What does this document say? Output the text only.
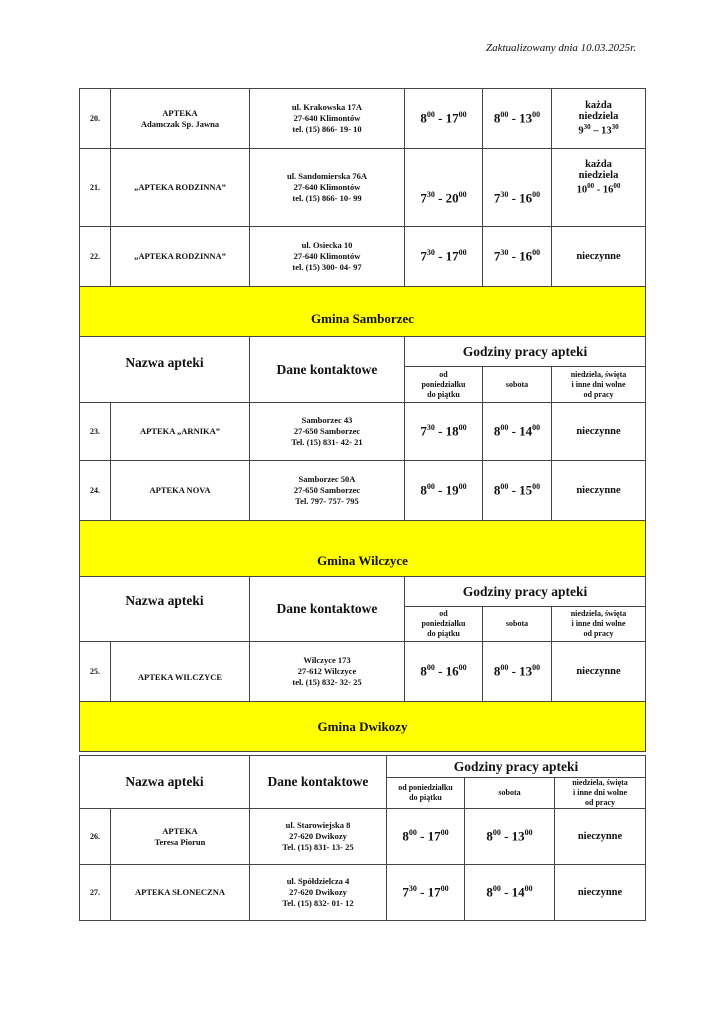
Zaktualizowany dnia 10.03.2025r.
20.	APTEKA
Adamczak Sp. Jawna	ul. Krakowska 17A
27-640 Klimontów
tel. (15) 866- 19- 10	$8^{00} - 17^{00}$	$8^{00} - 13^{00}$	każda
niedziela
$9^{30} - 13^{30}$
21.	„APTEKA RODZINNA”	ul. Sandomierska 76A
27-640 Klimontów
tel. (15) 866- 10- 99	$7^{30} - 20^{00}$	$7^{30} - 16^{00}$	każda
niedziela
$10^{00} - 16^{00}$
22.	„APTEKA RODZINNA”	ul. Osiecka 10
27-640 Klimontów
tel. (15) 300- 04- 97	$7^{30} - 17^{00}$	$7^{30} - 16^{00}$	nieczynne
Gmina Samborzec					
Nazwa apteki		Dane kontaktowe	Godziny pracy apteki		
			od
poniedziałku
do piątku	sobota	niedziela, święta
i inne dni wolne
od pracy
23.	APTEKA „ARNIKA”	Samborzec 43
27-650 Samborzec
Tel. (15) 831- 42- 21	$7^{30} - 18^{00}$	$8^{00} - 14^{00}$	nieczynne
24.	APTEKA NOVA	Samborzec 50A
27-650 Samborzec
Tel. 797- 757- 795	$8^{00} - 19^{00}$	$8^{00} - 15^{00}$	nieczynne
Gmina Wilczyce					
Nazwa apteki		Dane kontaktowe	Godziny pracy apteki		
			od
poniedziałku
do piątku	sobota	niedziela, święta
i inne dni wolne
od pracy
25.	APTEKA WILCZYCE	Wilczyce 173
27-612 Wilczyce
tel. (15) 832- 32- 25	$8^{00} - 16^{00}$	$8^{00} - 13^{00}$	nieczynne
Gmina Dwikozy					
Nazwa apteki		Dane kontaktowe	Godziny pracy apteki		
			od poniedziałku
do piątku	sobota	niedziela, święta
i inne dni wolne
od pracy
26.	APTEKA
Teresa Piorun	ul. Starowiejska 8
27-620 Dwikozy
Tel. (15) 831- 13- 25	$8^{00} - 17^{00}$	$8^{00} - 13^{00}$	nieczynne
27.	APTEKA SŁONECZNA	ul. Spółdzielcza 4
27-620 Dwikozy
Tel. (15) 832- 01- 12	$7^{30} - 17^{00}$	$8^{00} - 14^{00}$	nieczynne
